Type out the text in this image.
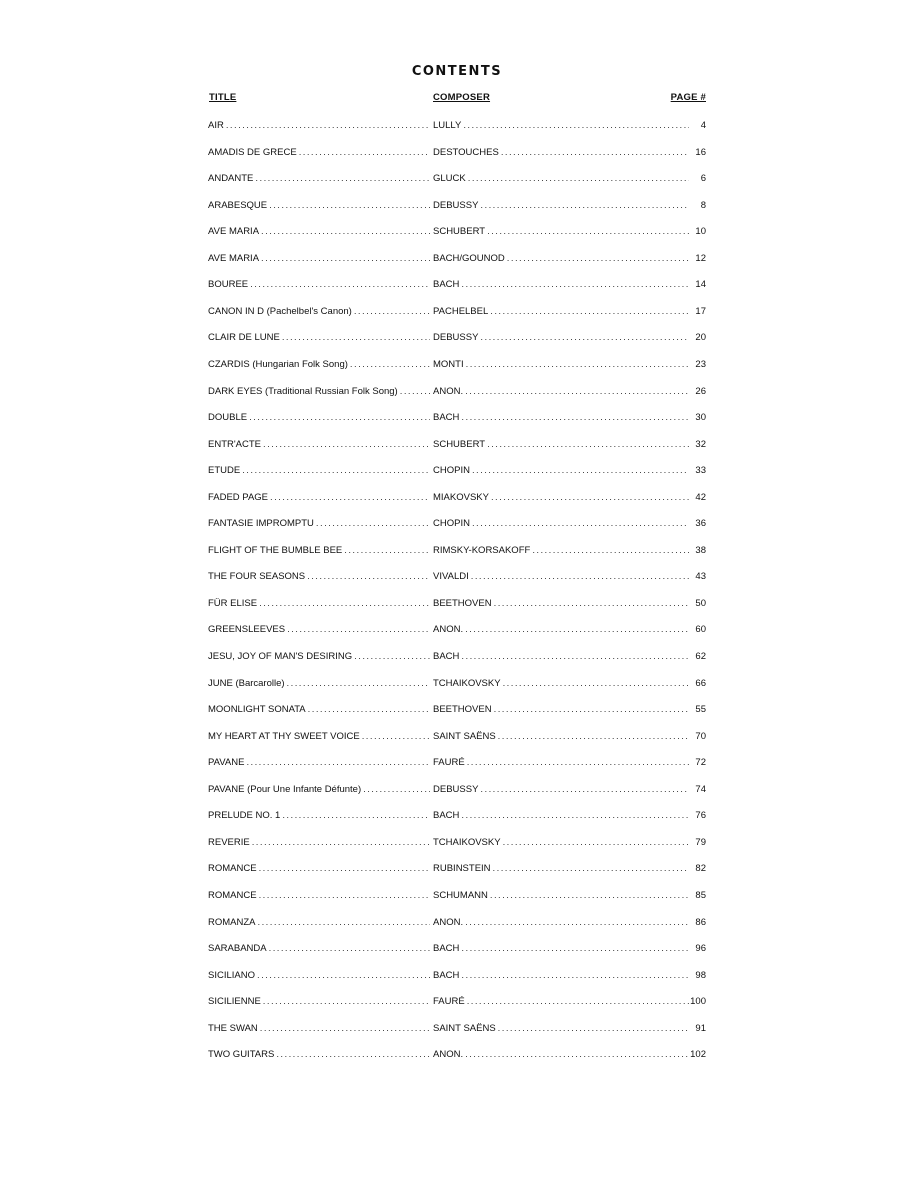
CONTENTS
TITLE	COMPOSER	PAGE #
AIR . . .	LULLY . . .	4
AMADIS DE GRECE . . .	DESTOUCHES . . .	16
ANDANTE . . .	GLUCK . . .	6
ARABESQUE . . .	DEBUSSY . . .	8
AVE MARIA . . .	SCHUBERT . . .	10
AVE MARIA . . .	BACH/GOUNOD . . .	12
BOUREE . . .	BACH . . .	14
CANON IN D (Pachelbel's Canon) . . .	PACHELBEL . . .	17
CLAIR DE LUNE . . .	DEBUSSY . . .	20
CZARDIS (Hungarian Folk Song) . . .	MONTI . . .	23
DARK EYES (Traditional Russian Folk Song) . . .	ANON. . . .	26
DOUBLE . . .	BACH . . .	30
ENTR'ACTE . . .	SCHUBERT . . .	32
ETUDE . . .	CHOPIN . . .	33
FADED PAGE . . .	MIAKOVSKY . . .	42
FANTASIE IMPROMPTU . . .	CHOPIN . . .	36
FLIGHT OF THE BUMBLE BEE . . .	RIMSKY-KORSAKOFF . . .	38
THE FOUR SEASONS . . .	VIVALDI . . .	43
FÜR ELISE . . .	BEETHOVEN . . .	50
GREENSLEEVES . . .	ANON. . . .	60
JESU, JOY OF MAN'S DESIRING . . .	BACH . . .	62
JUNE (Barcarolle) . . .	TCHAIKOVSKY . . .	66
MOONLIGHT SONATA . . .	BEETHOVEN . . .	55
MY HEART AT THY SWEET VOICE . . .	SAINT SAËNS . . .	70
PAVANE . . .	FAURÉ . . .	72
PAVANE (Pour Une Infante Défunte) . . .	DEBUSSY . . .	74
PRELUDE NO. 1 . . .	BACH . . .	76
REVERIE . . .	TCHAIKOVSKY . . .	79
ROMANCE . . .	RUBINSTEIN . . .	82
ROMANCE . . .	SCHUMANN . . .	85
ROMANZA . . .	ANON. . . .	86
SARABANDA . . .	BACH . . .	96
SICILIANO . . .	BACH . . .	98
SICILIENNE . . .	FAURÉ . . .	100
THE SWAN . . .	SAINT SAËNS . . .	91
TWO GUITARS . . .	ANON. . . .	102
